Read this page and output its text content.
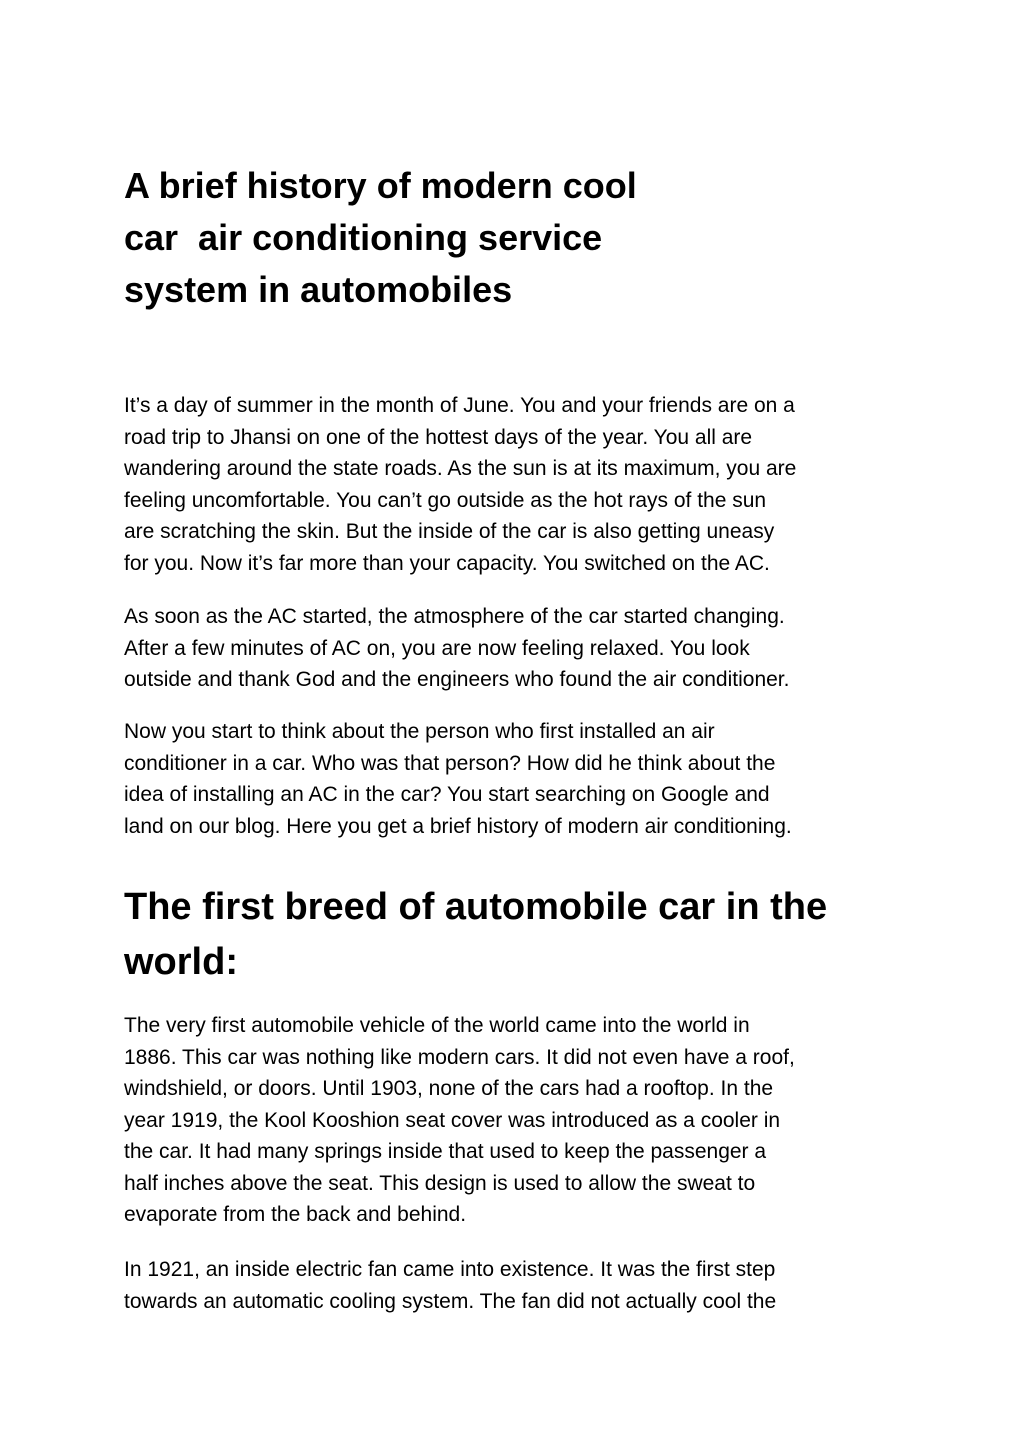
A brief history of modern cool
car  air conditioning service
system in automobiles

It’s a day of summer in the month of June. You and your friends are on a
road trip to Jhansi on one of the hottest days of the year. You all are
wandering around the state roads. As the sun is at its maximum, you are
feeling uncomfortable. You can’t go outside as the hot rays of the sun
are scratching the skin. But the inside of the car is also getting uneasy
for you. Now it’s far more than your capacity. You switched on the AC.

As soon as the AC started, the atmosphere of the car started changing.
After a few minutes of AC on, you are now feeling relaxed. You look
outside and thank God and the engineers who found the air conditioner.

Now you start to think about the person who first installed an air
conditioner in a car. Who was that person? How did he think about the
idea of installing an AC in the car? You start searching on Google and
land on our blog. Here you get a brief history of modern air conditioning.

The first breed of automobile car in the
world:

The very first automobile vehicle of the world came into the world in
1886. This car was nothing like modern cars. It did not even have a roof,
windshield, or doors. Until 1903, none of the cars had a rooftop. In the
year 1919, the Kool Kooshion seat cover was introduced as a cooler in
the car. It had many springs inside that used to keep the passenger a
half inches above the seat. This design is used to allow the sweat to
evaporate from the back and behind.

In 1921, an inside electric fan came into existence. It was the first step
towards an automatic cooling system. The fan did not actually cool the
